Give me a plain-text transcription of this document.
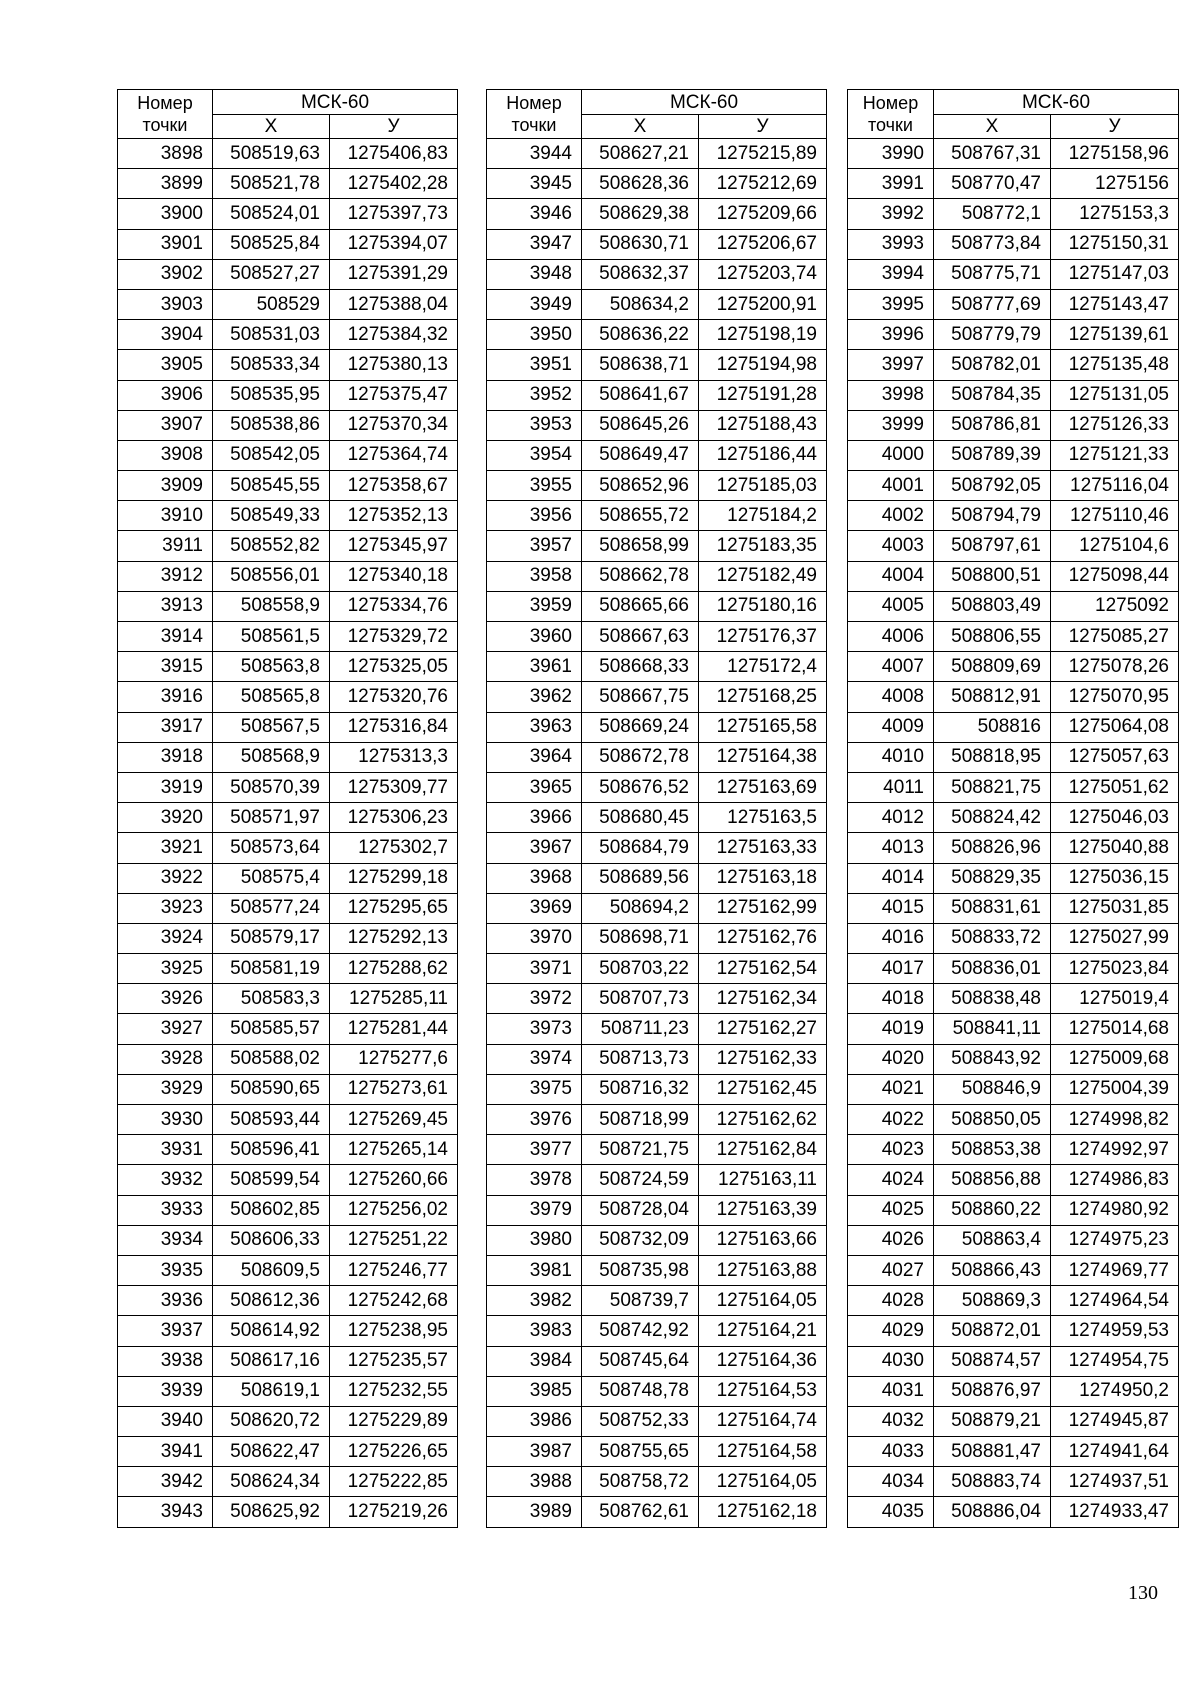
Номер точки	МСК-60	
	Х	У
3898	508519,63	1275406,83
3899	508521,78	1275402,28
3900	508524,01	1275397,73
3901	508525,84	1275394,07
3902	508527,27	1275391,29
3903	508529	1275388,04
3904	508531,03	1275384,32
3905	508533,34	1275380,13
3906	508535,95	1275375,47
3907	508538,86	1275370,34
3908	508542,05	1275364,74
3909	508545,55	1275358,67
3910	508549,33	1275352,13
3911	508552,82	1275345,97
3912	508556,01	1275340,18
3913	508558,9	1275334,76
3914	508561,5	1275329,72
3915	508563,8	1275325,05
3916	508565,8	1275320,76
3917	508567,5	1275316,84
3918	508568,9	1275313,3
3919	508570,39	1275309,77
3920	508571,97	1275306,23
3921	508573,64	1275302,7
3922	508575,4	1275299,18
3923	508577,24	1275295,65
3924	508579,17	1275292,13
3925	508581,19	1275288,62
3926	508583,3	1275285,11
3927	508585,57	1275281,44
3928	508588,02	1275277,6
3929	508590,65	1275273,61
3930	508593,44	1275269,45
3931	508596,41	1275265,14
3932	508599,54	1275260,66
3933	508602,85	1275256,02
3934	508606,33	1275251,22
3935	508609,5	1275246,77
3936	508612,36	1275242,68
3937	508614,92	1275238,95
3938	508617,16	1275235,57
3939	508619,1	1275232,55
3940	508620,72	1275229,89
3941	508622,47	1275226,65
3942	508624,34	1275222,85
3943	508625,92	1275219,26
Номер точки	МСК-60	
	Х	У
3944	508627,21	1275215,89
3945	508628,36	1275212,69
3946	508629,38	1275209,66
3947	508630,71	1275206,67
3948	508632,37	1275203,74
3949	508634,2	1275200,91
3950	508636,22	1275198,19
3951	508638,71	1275194,98
3952	508641,67	1275191,28
3953	508645,26	1275188,43
3954	508649,47	1275186,44
3955	508652,96	1275185,03
3956	508655,72	1275184,2
3957	508658,99	1275183,35
3958	508662,78	1275182,49
3959	508665,66	1275180,16
3960	508667,63	1275176,37
3961	508668,33	1275172,4
3962	508667,75	1275168,25
3963	508669,24	1275165,58
3964	508672,78	1275164,38
3965	508676,52	1275163,69
3966	508680,45	1275163,5
3967	508684,79	1275163,33
3968	508689,56	1275163,18
3969	508694,2	1275162,99
3970	508698,71	1275162,76
3971	508703,22	1275162,54
3972	508707,73	1275162,34
3973	508711,23	1275162,27
3974	508713,73	1275162,33
3975	508716,32	1275162,45
3976	508718,99	1275162,62
3977	508721,75	1275162,84
3978	508724,59	1275163,11
3979	508728,04	1275163,39
3980	508732,09	1275163,66
3981	508735,98	1275163,88
3982	508739,7	1275164,05
3983	508742,92	1275164,21
3984	508745,64	1275164,36
3985	508748,78	1275164,53
3986	508752,33	1275164,74
3987	508755,65	1275164,58
3988	508758,72	1275164,05
3989	508762,61	1275162,18
Номер точки	МСК-60	
	Х	У
3990	508767,31	1275158,96
3991	508770,47	1275156
3992	508772,1	1275153,3
3993	508773,84	1275150,31
3994	508775,71	1275147,03
3995	508777,69	1275143,47
3996	508779,79	1275139,61
3997	508782,01	1275135,48
3998	508784,35	1275131,05
3999	508786,81	1275126,33
4000	508789,39	1275121,33
4001	508792,05	1275116,04
4002	508794,79	1275110,46
4003	508797,61	1275104,6
4004	508800,51	1275098,44
4005	508803,49	1275092
4006	508806,55	1275085,27
4007	508809,69	1275078,26
4008	508812,91	1275070,95
4009	508816	1275064,08
4010	508818,95	1275057,63
4011	508821,75	1275051,62
4012	508824,42	1275046,03
4013	508826,96	1275040,88
4014	508829,35	1275036,15
4015	508831,61	1275031,85
4016	508833,72	1275027,99
4017	508836,01	1275023,84
4018	508838,48	1275019,4
4019	508841,11	1275014,68
4020	508843,92	1275009,68
4021	508846,9	1275004,39
4022	508850,05	1274998,82
4023	508853,38	1274992,97
4024	508856,88	1274986,83
4025	508860,22	1274980,92
4026	508863,4	1274975,23
4027	508866,43	1274969,77
4028	508869,3	1274964,54
4029	508872,01	1274959,53
4030	508874,57	1274954,75
4031	508876,97	1274950,2
4032	508879,21	1274945,87
4033	508881,47	1274941,64
4034	508883,74	1274937,51
4035	508886,04	1274933,47
130
